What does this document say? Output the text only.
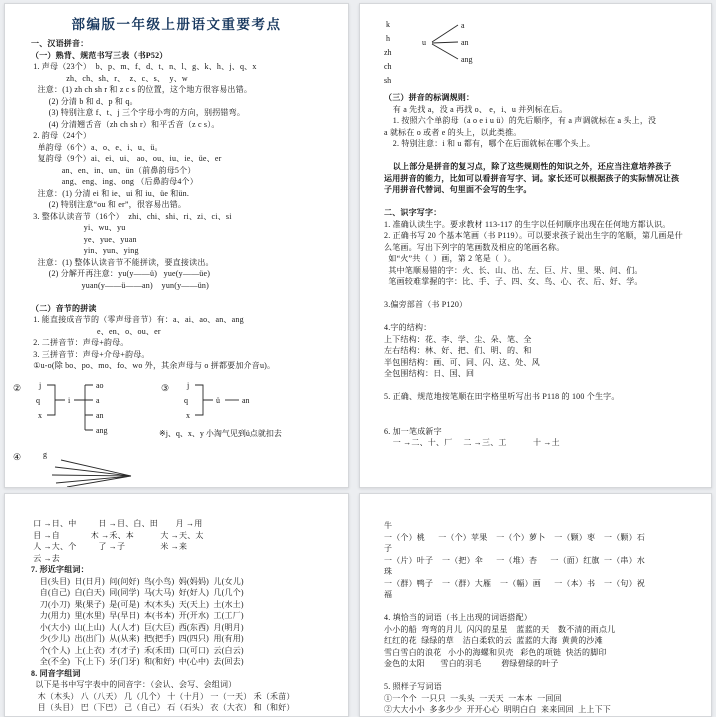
部编版一年级上册语文重要考点
一、汉语拼音：
（一）熟背、规范书写三表（书P52）
1. 声母（23个）  b、p、m、f、d、t、n、l、g、k、h、j、q、x
zh、ch、sh、r、  z、c、s、  y、w
注意：(1) zh ch sh r 和 z c s 的位置，这个地方很容易出错。
(2) 分清 b 和 d、p 和 q。
(3) 特别注意 f、t、j 三个字母小弯的方向，别拐错弯。
(4) 分清翘舌音（zh ch sh r）和平舌音（z c s）。
2. 韵母（24个）
单韵母（6个）a、o、e、i、u、ü。
复韵母（9个）ai、ei、ui、 ao、ou、iu、ie、üe、er
an、en、in、un、ün（前鼻韵母5个）
ang、eng、ing、ong （后鼻韵母4个）
注意：(1) 分清 ei 和 ie、ui 和 iu、üe 和ün.
(2) 特别注意“ou 和 er”，很容易出错。
3. 整体认读音节（16个）  zhi、chi、shi、ri、zi、ci、si
yi、wu、yu
ye、yue、yuan
yin、yun、ying
注意：(1) 整体认读音节不能拼读，要直接读出。
(2) 分解开再注意：yu(y——ü)   yue(y——üe)
yuan(y——ü——an)    yun(y——ün)

（二）音节的拼读
1. 能直接成音节的（零声母音节）有：a、ai、ao、an、ang
e、en、o、ou、er
2. 二拼音节：声母+韵母。
3. 三拼音节：声母+介母+韵母。
①u-o(除 bo、po、mo、fo、wo 外，其余声母与 o 拼都要加介音u)。
② j
q
x
i
ao
a
an
ang
③ j
q
x
ü	an
※j、q、x、y 小淘气见到ü点就扣去
④	g
k
h
zh
ch
sh
u
a
an
ang
（三）拼音的标调规则：
有 a 先找 a，没 a 再找 o、 e，i、u 并列标在后。
1. 按照六个单韵母（a o e i u ü）的先后顺序，有 a 声调就标在 a 头上，没
a 就标在 o 或者 e 的头上，以此类推。
2. 特别注意：i 和 u 都有，哪个在后面就标在哪个头上。

以上部分是拼音的复习点，除了这些规则性的知识之外，还应当注意培养孩子
运用拼音的能力，比如可以看拼音写字、词。家长还可以根据孩子的实际情况让孩
子用拼音代替词、句里面不会写的生字。

二、识字写字：
1. 准确认读生字。要求教材 113-117 的生字以任何顺序出现在任何地方都认识。
2. 正确书写 20 个基本笔画（书 P119）。可以要求孩子说出生字的笔顺，第几画是什
么笔画。写出下列字的笔画数及相应的笔画名称。
如“火”共（  ）画，第 2 笔是（  ）。
其中笔顺易错的字：火、长、山、出、左、巨、片、里、果、问、们。
笔画较难掌握的字：比、手、子、四、女、鸟、心、衣、后、好、学。

3.偏旁部首（书 P120）

4.字的结构：
上下结构：花、李、学、尘、朵、笔、全
左右结构：林、好、把、们、明、的、和
半包围结构：画、可、同、闪、这、处、风
全包围结构：日、国、回

5. 正确、规范地按笔顺在田字格里听写出书 P118 的 100 个生字。

6. 加一笔成新字
一 →二、十、厂     二 →三、工            十 →土
口 →日、中          日 →目、白、田        月 →用
目 →自              木 →禾、本            大 →天、太
人 →大、个          了 →子                米 →来
云 →去
7. 形近字组词：
目(头目)  日(日月)  问(问好)  鸟(小鸟)  妈(妈妈)  儿(女儿)
自(自己)  白(白天)  同(同学)  马(大马)  好(好人)  几(几个)
刀(小刀)  果(果子)  是(可是)  木(木头)  天(天上)  土(水土)
力(用力)  里(水里)  早(早日)  本(书本)  开(开水)  工(工厂)
小(大小)  山(上山)  人(人才)  巨(大巨)  西(东西)  月(明月)
少(少儿)  出(出门)  从(从来)  把(把手)  四(四只)  用(有用)
个(个人)  上(上衣)  才(才子)  禾(禾田)  口(可口)  云(白云)
全(不全)  下(上下)  牙(门牙)  和(和好)  中(心中)  去(回去)
8. 同音字组词
以下是书中写字表中的同音字：（会认、会写、会组词）
木（木头） 八（八天） 几（几个） 十（十月） 一（一天） 禾（禾苗）
目（头目） 巴（下巴） 己（自己） 石（石头） 衣（大衣） 和（和好）
牛
一（个）桃      一（个）苹果    一（个）萝卜    一（颗）枣    一（颗）石
子
一（片）叶子    一（把）伞      一（堆）杏      一（面）红旗  一（串）水
珠
一（群）鸭子    一（群）大雁    一（幅）画      一（本）书    一（句）祝
福

4. 填恰当的词语（书上出现的词语搭配）
小小的船  弯弯的月儿  闪闪的星星    蓝蓝的天    数不清的雨点儿
红红的花  绿绿的草    洁白柔软的云  蓝蓝的大海  黄黄的沙滩
雪白雪白的浪花   小小的海螺和贝壳   彩色的项链  快活的脚印
金色的太阳       雪白的羽毛         碧绿碧绿的叶子

5. 照样子写词语
①一个个  一只只  一头头  一天天  一本本  一回回
②大大小小  多多少少  开开心心  明明白白  来来回回  上上下下
